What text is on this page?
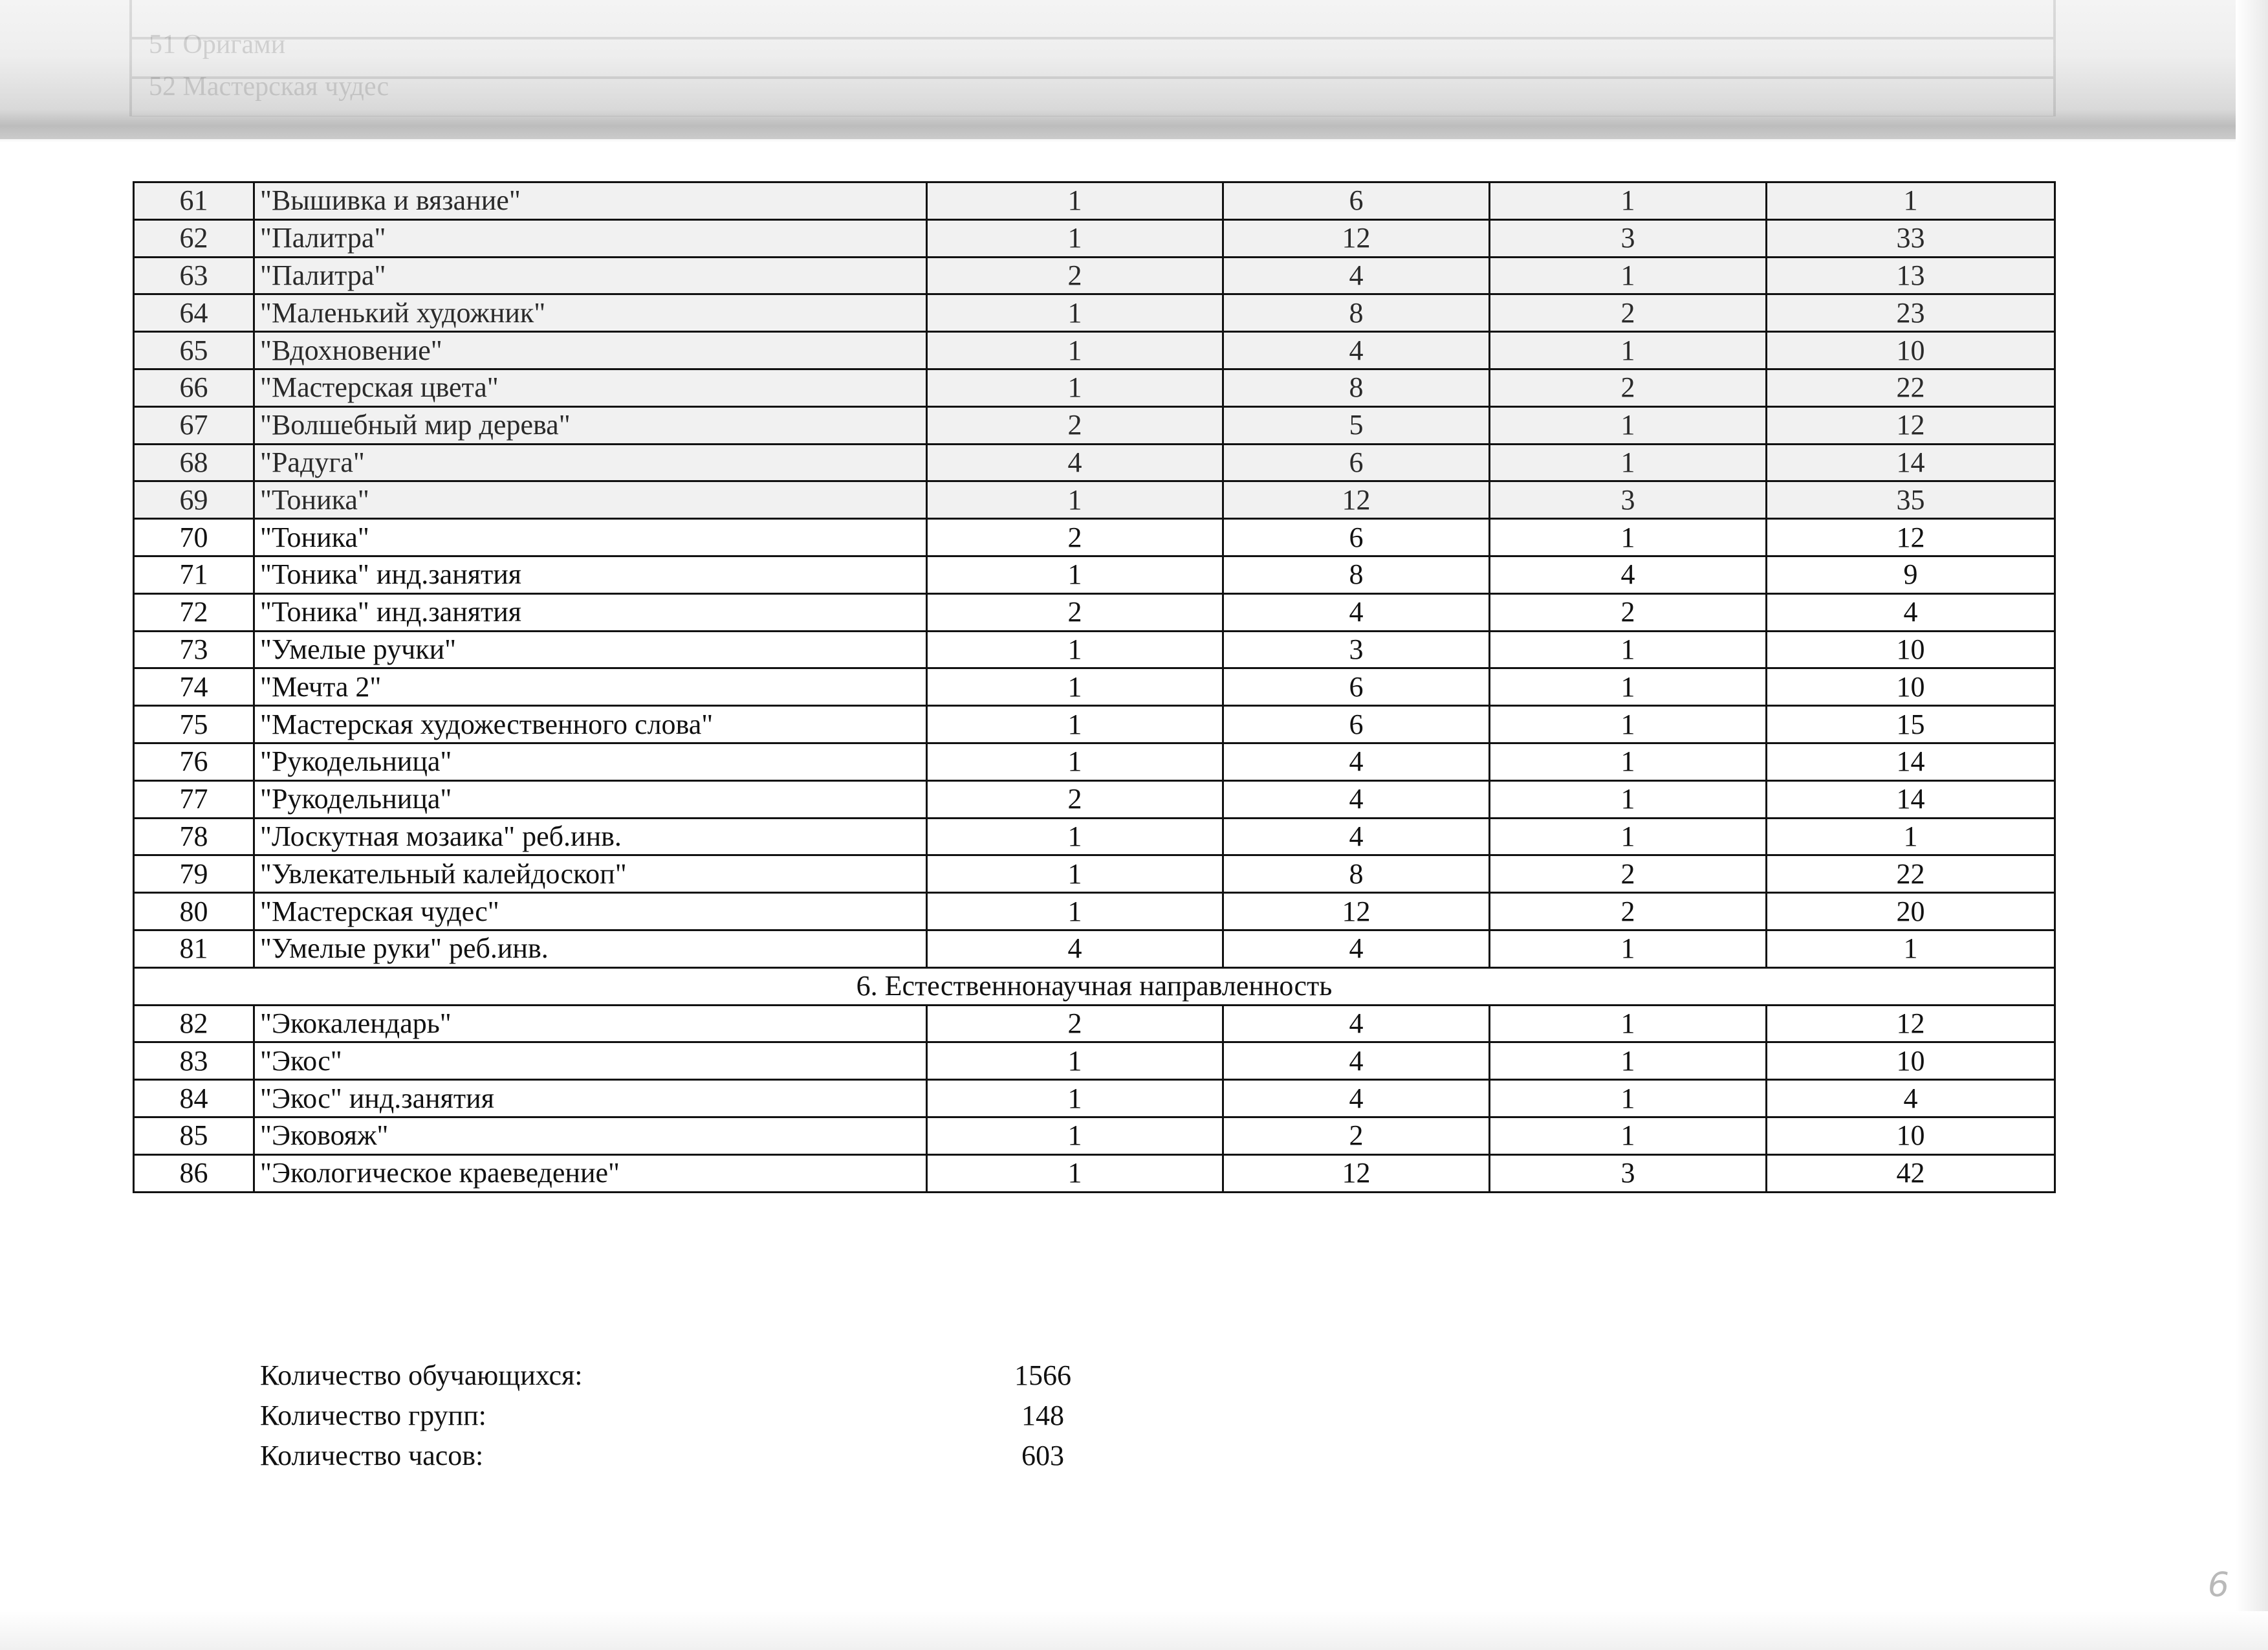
51 Оригами
52 Мастерская чудес
61	"Вышивка и вязание"	1	6	1	1
62	"Палитра"	1	12	3	33
63	"Палитра"	2	4	1	13
64	"Маленький художник"	1	8	2	23
65	"Вдохновение"	1	4	1	10
66	"Мастерская цвета"	1	8	2	22
67	"Волшебный мир дерева"	2	5	1	12
68	"Радуга"	4	6	1	14
69	"Тоника"	1	12	3	35
70	"Тоника"	2	6	1	12
71	"Тоника" инд.занятия	1	8	4	9
72	"Тоника" инд.занятия	2	4	2	4
73	"Умелые ручки"	1	3	1	10
74	"Мечта 2"	1	6	1	10
75	"Мастерская художественного слова"	1	6	1	15
76	"Рукодельница"	1	4	1	14
77	"Рукодельница"	2	4	1	14
78	"Лоскутная мозаика" реб.инв.	1	4	1	1
79	"Увлекательный калейдоскоп"	1	8	2	22
80	"Мастерская чудес"	1	12	2	20
81	"Умелые руки" реб.инв.	4	4	1	1
6. Естественнонаучная направленность					
82	"Экокалендарь"	2	4	1	12
83	"Экос"	1	4	1	10
84	"Экос" инд.занятия	1	4	1	4
85	"Эковояж"	1	2	1	10
86	"Экологическое краеведение"	1	12	3	42
Количество обучающихся:	1566
Количество групп:	148
Количество часов:	603
6
